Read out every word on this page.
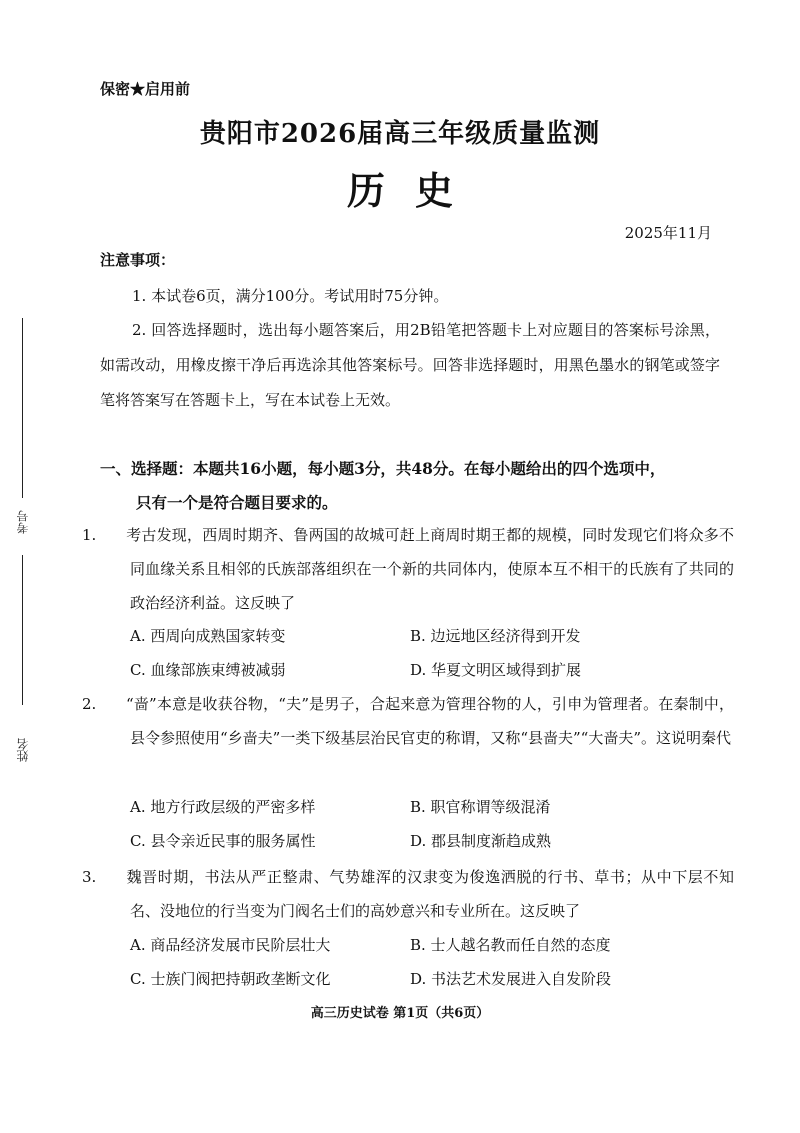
考号
姓名
保密★启用前
贵阳市2026届高三年级质量监测
历史
2025年11月
注意事项：
1. 本试卷6页，满分100分。考试用时75分钟。
2. 回答选择题时，选出每小题答案后，用2B铅笔把答题卡上对应题目的答案标号涂黑，如需改动，用橡皮擦干净后再选涂其他答案标号。回答非选择题时，用黑色墨水的钢笔或签字笔将答案写在答题卡上，写在本试卷上无效。
一、选择题：本题共16小题，每小题3分，共48分。在每小题给出的四个选项中，
只有一个是符合题目要求的。
1. 考古发现，西周时期齐、鲁两国的故城可赶上商周时期王都的规模，同时发现它们将众多不同血缘关系且相邻的氏族部落组织在一个新的共同体内，使原本互不相干的氏族有了共同的政治经济利益。这反映了
A. 西周向成熟国家转变	B. 边远地区经济得到开发
C. 血缘部族束缚被减弱	D. 华夏文明区域得到扩展
2. “啬”本意是收获谷物，“夫”是男子，合起来意为管理谷物的人，引申为管理者。在秦制中，县令参照使用“乡啬夫”一类下级基层治民官吏的称谓，又称“县啬夫”“大啬夫”。这说明秦代
A. 地方行政层级的严密多样	B. 职官称谓等级混淆
C. 县令亲近民事的服务属性	D. 郡县制度渐趋成熟
3. 魏晋时期，书法从严正整肃、气势雄浑的汉隶变为俊逸洒脱的行书、草书；从中下层不知名、没地位的行当变为门阀名士们的高妙意兴和专业所在。这反映了
A. 商品经济发展市民阶层壮大	B. 士人越名教而任自然的态度
C. 士族门阀把持朝政垄断文化	D. 书法艺术发展进入自发阶段
高三历史试卷 第1页（共6页）
